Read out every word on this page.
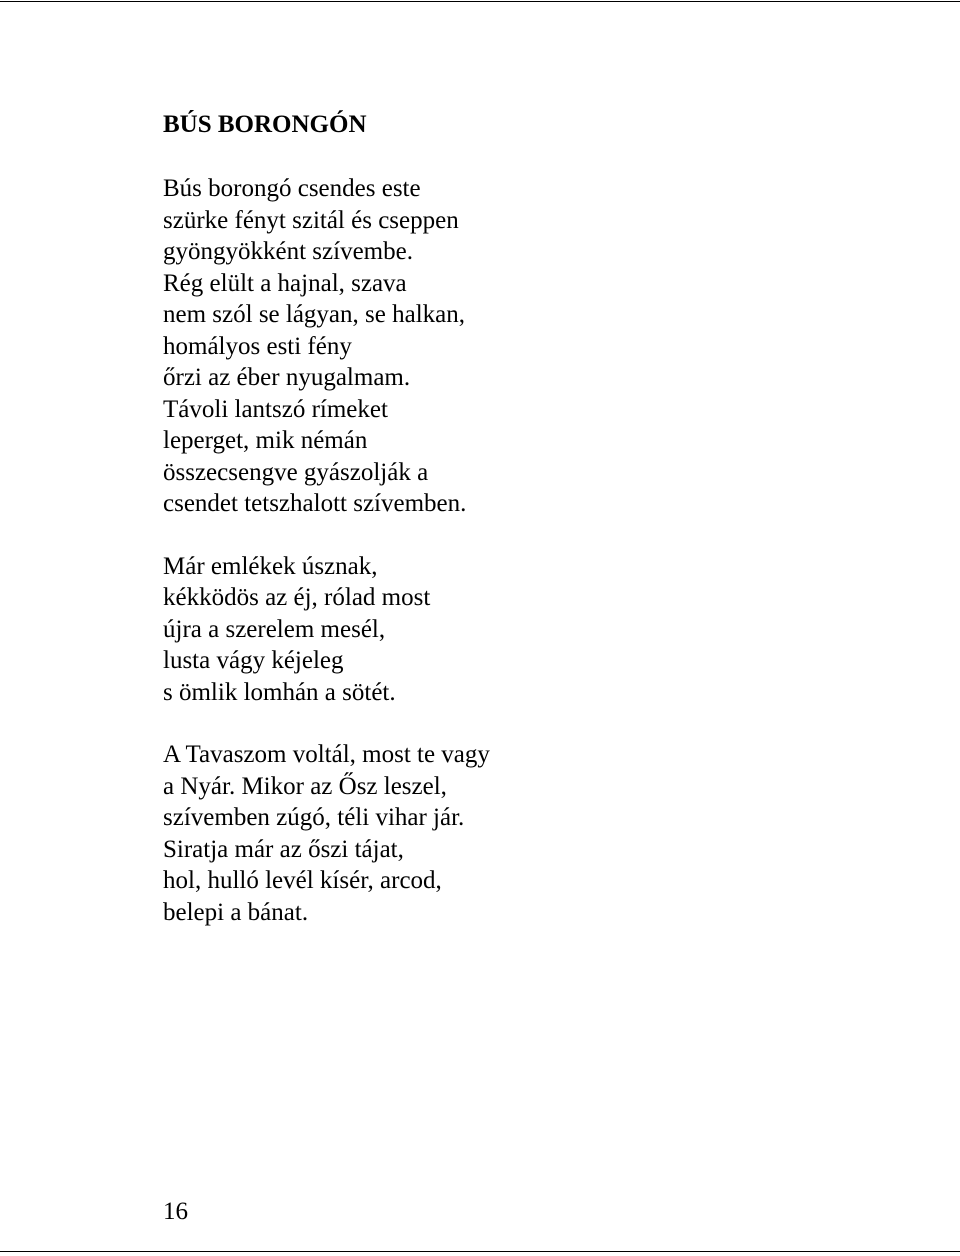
BÚS BORONGÓN
Bús borongó csendes este
szürke fényt szitál és cseppen
gyöngyökként szívembe.
Rég elült a hajnal, szava
nem szól se lágyan, se halkan,
homályos esti fény
őrzi az éber nyugalmam.
Távoli lantszó rímeket
leperget, mik némán
összecsengve gyászolják a
csendet tetszhalott szívemben.
Már emlékek úsznak,
kékködös az éj, rólad most
újra a szerelem mesél,
lusta vágy kéjeleg
s ömlik lomhán a sötét.
A Tavaszom voltál, most te vagy
a Nyár. Mikor az Ősz leszel,
szívemben zúgó, téli vihar jár.
Siratja már az őszi tájat,
hol, hulló levél kísér, arcod,
belepi a bánat.
16
